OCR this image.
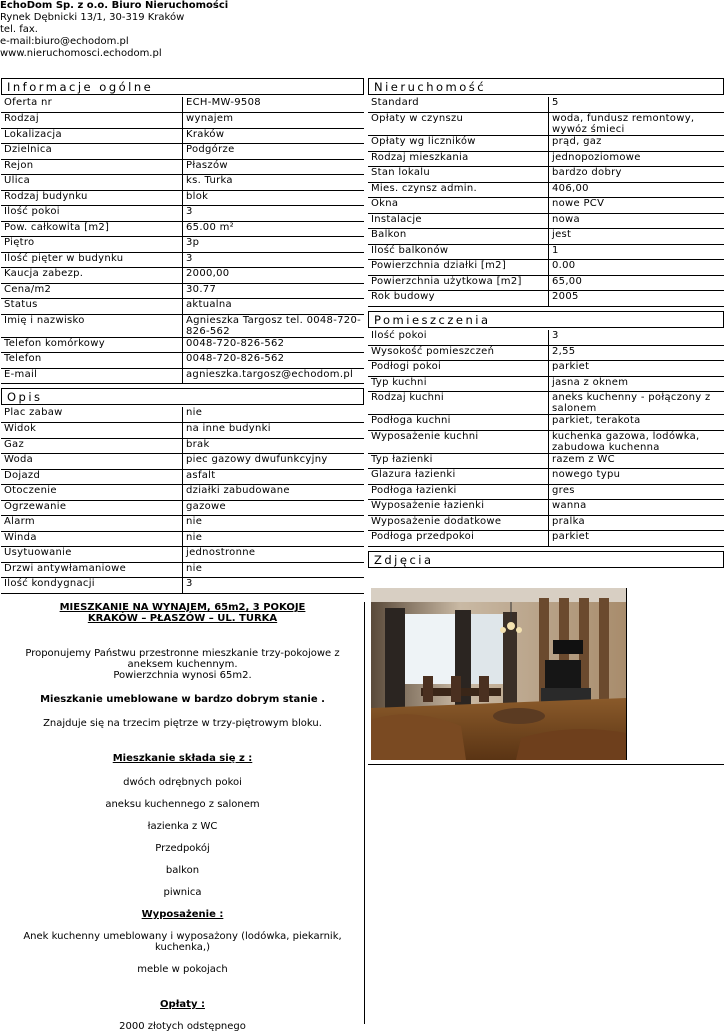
EchoDom Sp. z o.o. Biuro Nieruchomości
Rynek Dębnicki 13/1, 30-319 Kraków
tel. fax.
e-mail:biuro@echodom.pl
www.nieruchomosci.echodom.pl
Informacje ogólne
Oferta nr	ECH-MW-9508
Rodzaj	wynajem
Lokalizacja	Kraków
Dzielnica	Podgórze
Rejon	Płaszów
Ulica	ks. Turka
Rodzaj budynku	blok
Ilość pokoi	3
Pow. całkowita [m2]	65.00 m²
Piętro	3p
Ilość pięter w budynku	3
Kaucja zabezp.	2000,00
Cena/m2	30.77
Status	aktualna
Imię i nazwisko	Agnieszka Targosz tel. 0048-720-826-562
Telefon komórkowy	0048-720-826-562
Telefon	0048-720-826-562
E-mail	agnieszka.targosz@echodom.pl
Opis
Plac zabaw	nie
Widok	na inne budynki
Gaz	brak
Woda	piec gazowy dwufunkcyjny
Dojazd	asfalt
Otoczenie	działki zabudowane
Ogrzewanie	gazowe
Alarm	nie
Winda	nie
Usytuowanie	jednostronne
Drzwi antywłamaniowe	nie
Ilość kondygnacji	3

MIESZKANIE NA WYNAJEM, 65m2, 3 POKOJE

KRAKÓW – PŁASZÓW – UL. TURKA

Proponujemy Państwu przestronne mieszkanie trzy-pokojowe z aneksem kuchennym.

Powierzchnia wynosi 65m2.

Mieszkanie umeblowane w bardzo dobrym stanie .

Znajduje się na trzecim piętrze w trzy-piętrowym bloku.

Mieszkanie składa się z :

dwóch odrębnych pokoi

aneksu kuchennego z salonem

łazienka z WC

Przedpokój

balkon

piwnica

Wyposażenie :

Anek kuchenny umeblowany i wyposażony (lodówka, piekarnik, kuchenka,)

meble w pokojach

Opłaty :

2000 złotych odstępnego

Nieruchomość
Standard	5
Opłaty w czynszu	woda, fundusz remontowy, wywóz śmieci
Opłaty wg liczników	prąd, gaz
Rodzaj mieszkania	jednopoziomowe
Stan lokalu	bardzo dobry
Mies. czynsz admin.	406,00
Okna	nowe PCV
Instalacje	nowa
Balkon	jest
Ilość balkonów	1
Powierzchnia działki [m2]	0.00
Powierzchnia użytkowa [m2]	65,00
Rok budowy	2005
Pomieszczenia
Ilość pokoi	3
Wysokość pomieszczeń	2,55
Podłogi pokoi	parkiet
Typ kuchni	jasna z oknem
Rodzaj kuchni	aneks kuchenny - połączony z salonem
Podłoga kuchni	parkiet, terakota
Wyposażenie kuchni	kuchenka gazowa, lodówka, zabudowa kuchenna
Typ łazienki	razem z WC
Glazura łazienki	nowego typu
Podłoga łazienki	gres
Wyposażenie łazienki	wanna
Wyposażenie dodatkowe	pralka
Podłoga przedpokoi	parkiet
Zdjęcia
